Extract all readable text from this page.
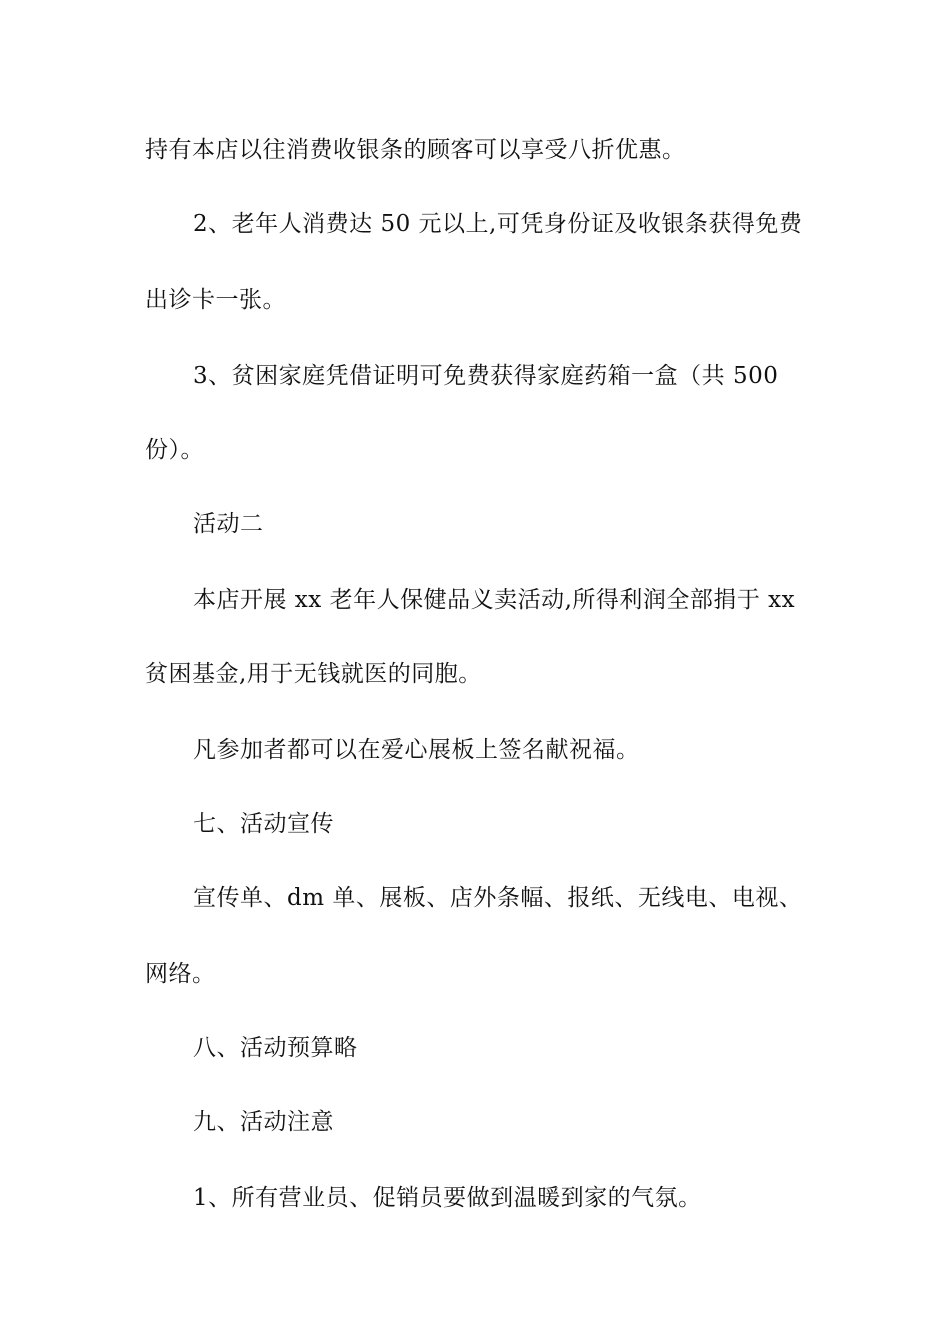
持有本店以往消费收银条的顾客可以享受八折优惠。
2、老年人消费达 50 元以上,可凭身份证及收银条获得免费
出诊卡一张。
3、贫困家庭凭借证明可免费获得家庭药箱一盒（共 500
份）。
活动二
本店开展 xx 老年人保健品义卖活动,所得利润全部捐于 xx
贫困基金,用于无钱就医的同胞。
凡参加者都可以在爱心展板上签名献祝福。
七、活动宣传
宣传单、dm 单、展板、店外条幅、报纸、无线电、电视、
网络。
八、活动预算略
九、活动注意
1、所有营业员、促销员要做到温暖到家的气氛。
